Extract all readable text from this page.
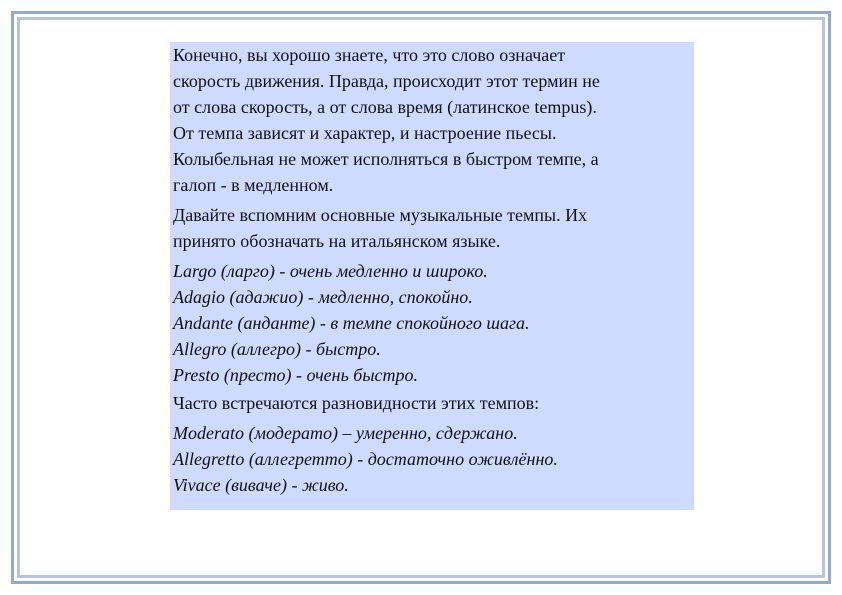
Конечно, вы хорошо знаете, что это слово означает
скорость движения. Правда, происходит этот термин не
от слова скорость, а от слова время (латинское tempus).
От темпа зависят и характер, и настроение пьесы.
Колыбельная не может исполняться в быстром темпе, а
галоп - в медленном.

Давайте вспомним основные музыкальные темпы. Их
принято обозначать на итальянском языке.

Largo (ларго) - очень медленно и широко.
Adagio (адажио) - медленно, спокойно.
Andante (анданте) - в темпе спокойного шага.
Allegro (аллегро) - быстро.
Presto (престо) - очень быстро.

Часто встречаются разновидности этих темпов:

Moderato (модерато) – умеренно, сдержано.
Allegretto (аллегретто) - достаточно оживлённо.
Vivace (виваче) - живо.
